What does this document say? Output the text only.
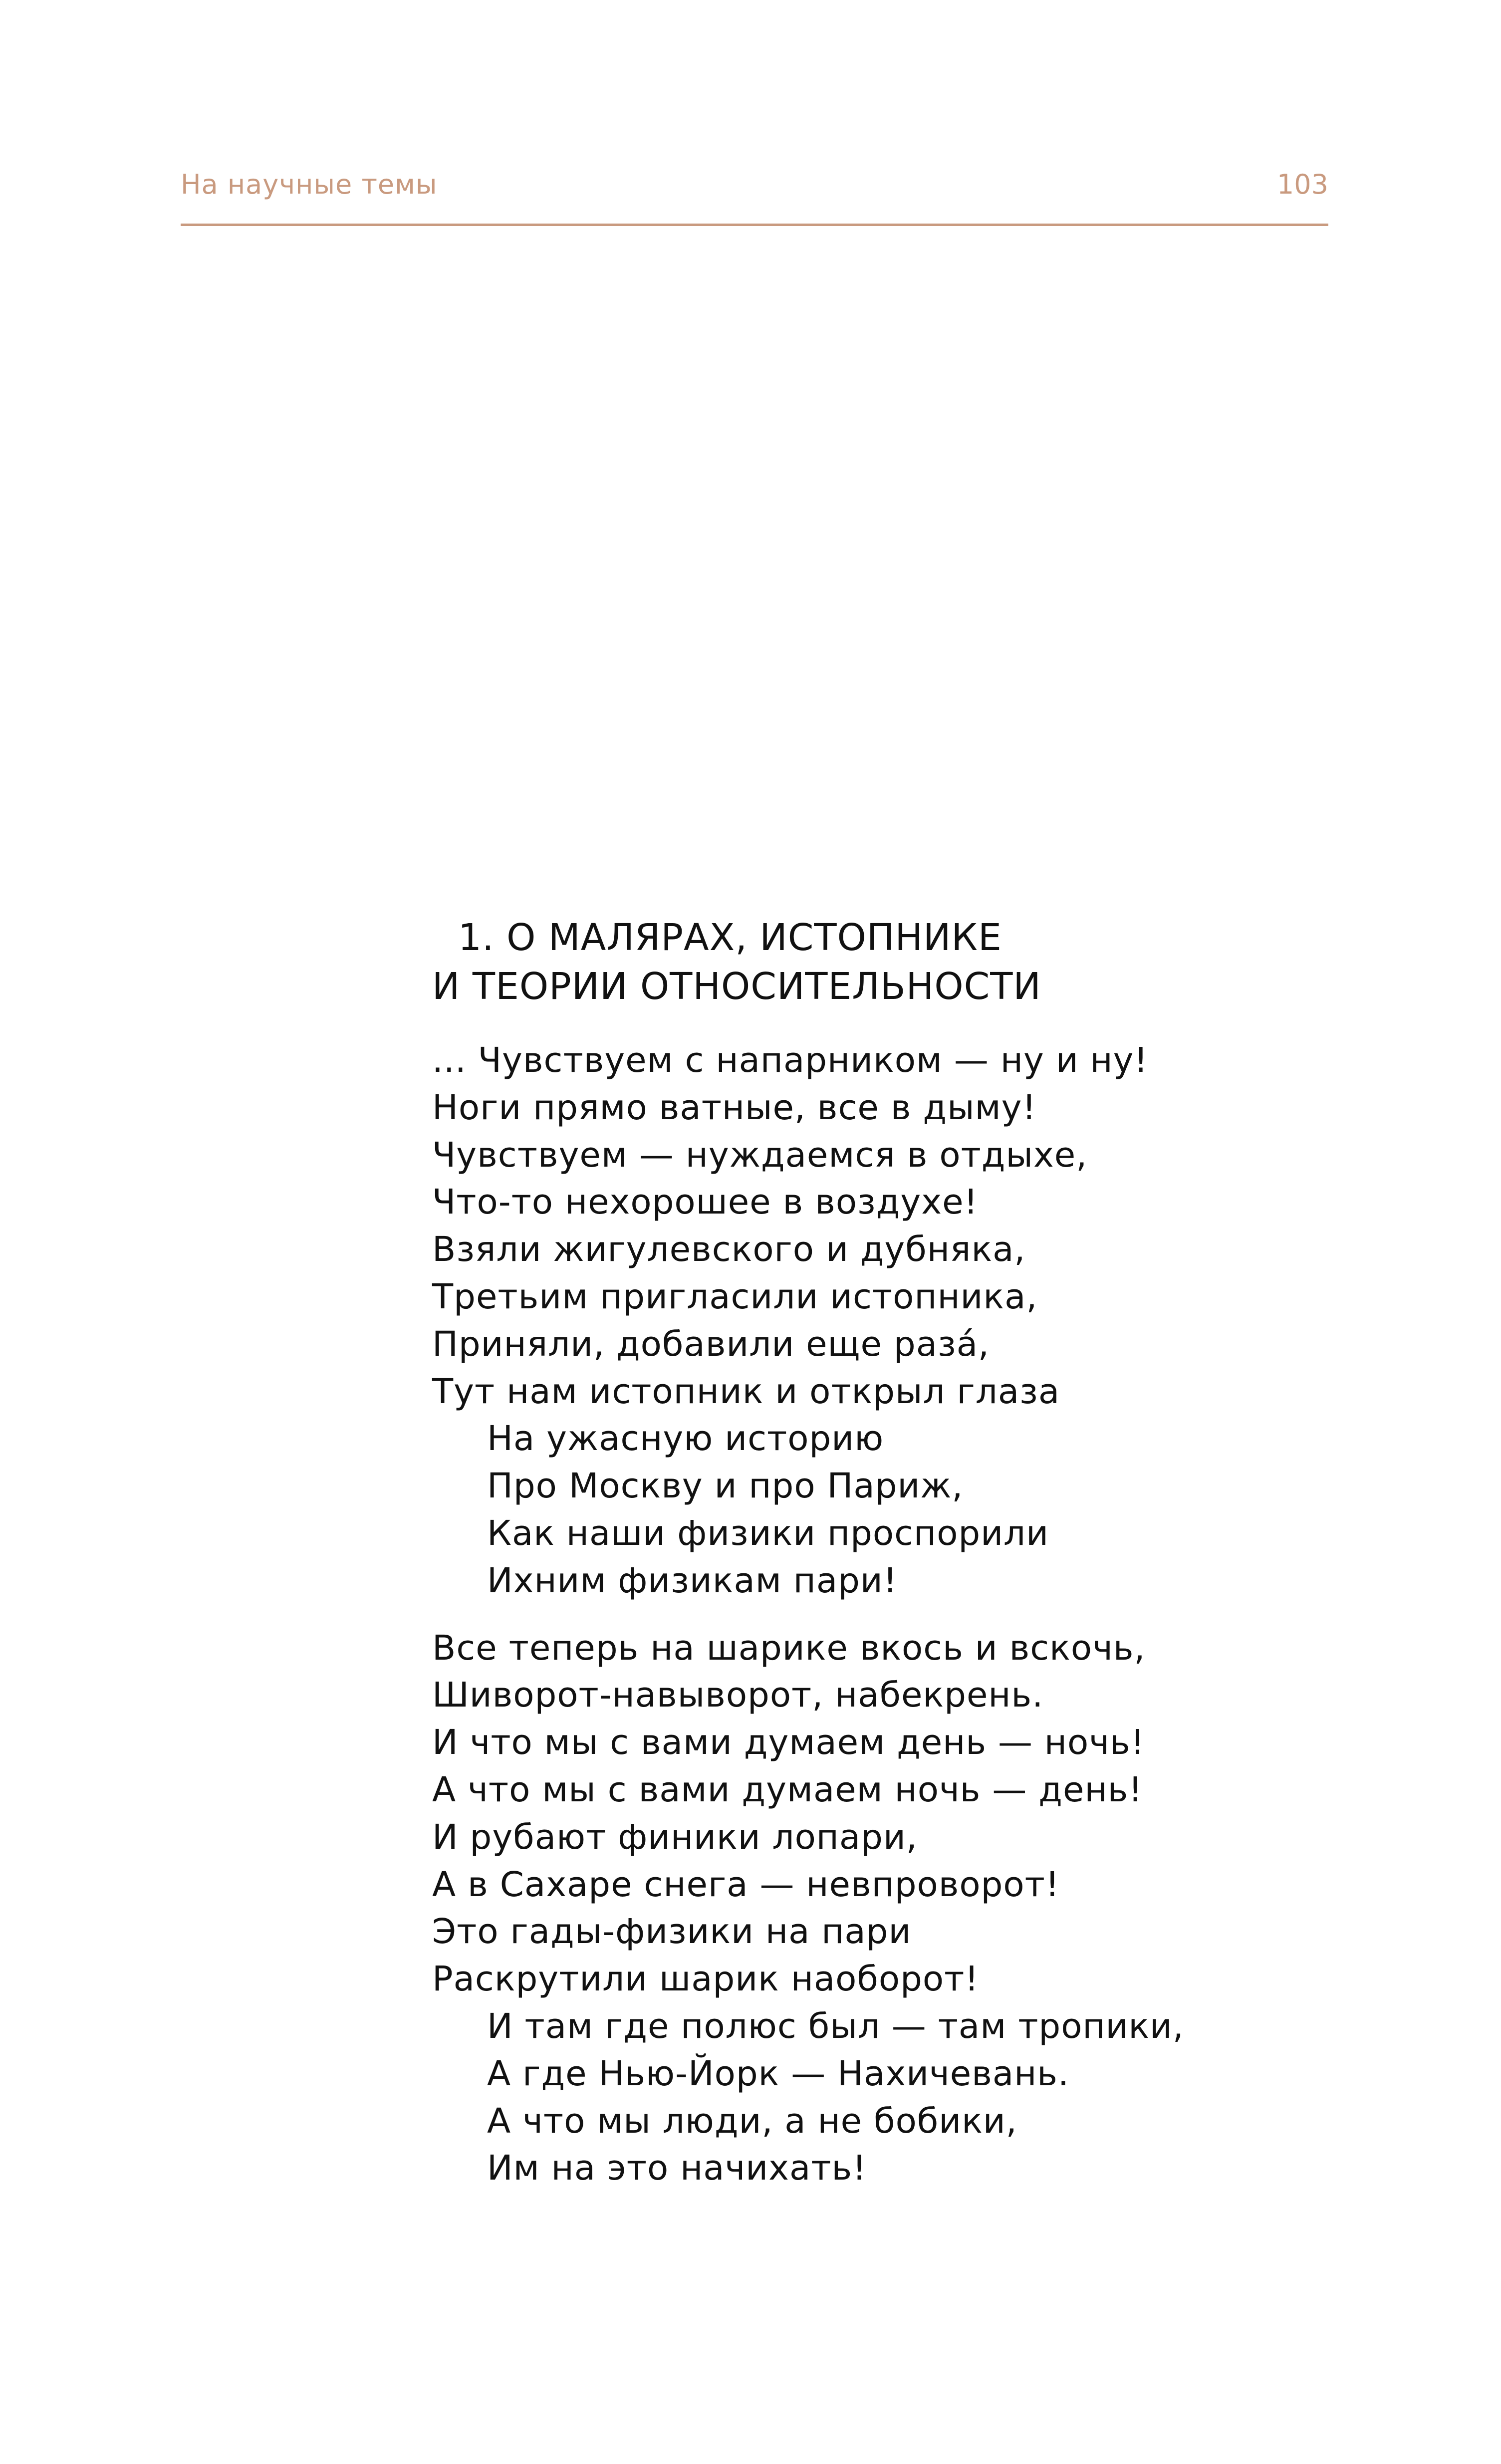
На научные темы	103
1. О МАЛЯРАХ, ИСТОПНИКЕ
И ТЕОРИИ ОТНОСИТЕЛЬНОСТИ
... Чувствуем с напарником — ну и ну!
Ноги прямо ватные, все в дыму!
Чувствуем — нуждаемся в отдыхе,
Что-то нехорошее в воздухе!
Взяли жигулевского и дубняка,
Третьим пригласили истопника,
Приняли, добавили еще разá,
Тут нам истопник и открыл глаза
На ужасную историю
Про Москву и про Париж,
Как наши физики проспорили
Ихним физикам пари!
Все теперь на шарике вкось и вскочь,
Шиворот-навыворот, набекрень.
И что мы с вами думаем день — ночь!
А что мы с вами думаем ночь — день!
И рубают финики лопари,
А в Сахаре снега — невпроворот!
Это гады-физики на пари
Раскрутили шарик наоборот!
И там где полюс был — там тропики,
А где Нью-Йорк — Нахичевань.
А что мы люди, а не бобики,
Им на это начихать!
